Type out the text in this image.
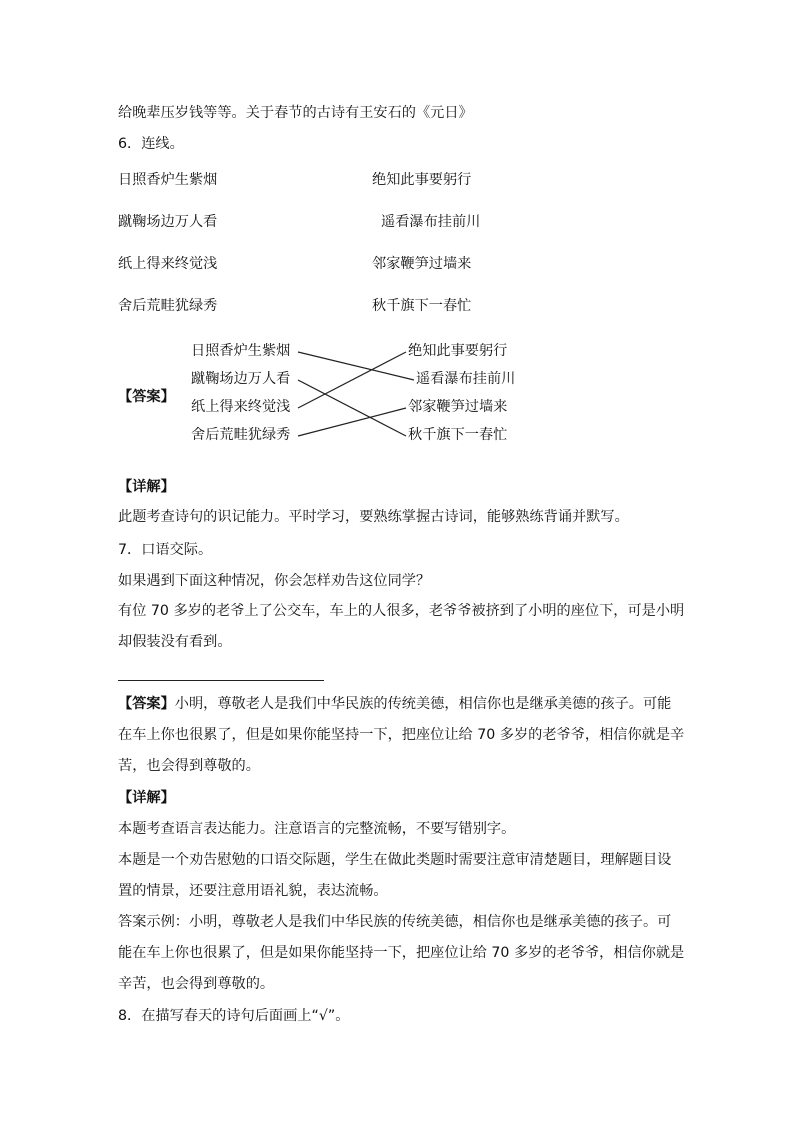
给晚辈压岁钱等等。关于春节的古诗有王安石的《元日》
6．连线。
日照香炉生紫烟	绝知此事要躬行
蹴鞠场边万人看	遥看瀑布挂前川
纸上得来终觉浅	邻家鞭笋过墙来
舍后荒畦犹绿秀	秋千旗下一春忙
【答案】
日照香炉生紫烟
蹴鞠场边万人看
纸上得来终觉浅
舍后荒畦犹绿秀
绝知此事要躬行
遥看瀑布挂前川
邻家鞭笋过墙来
秋千旗下一春忙
【详解】
此题考查诗句的识记能力。平时学习，要熟练掌握古诗词，能够熟练背诵并默写。
7．口语交际。
如果遇到下面这种情况，你会怎样劝告这位同学？
有位 70 多岁的老爷上了公交车，车上的人很多，老爷爷被挤到了小明的座位下，可是小明
却假装没有看到。
【答案】小明，尊敬老人是我们中华民族的传统美德，相信你也是继承美德的孩子。可能
在车上你也很累了，但是如果你能坚持一下，把座位让给 70 多岁的老爷爷，相信你就是辛
苦，也会得到尊敬的。
【详解】
本题考查语言表达能力。注意语言的完整流畅，不要写错别字。
本题是一个劝告慰勉的口语交际题，学生在做此类题时需要注意审清楚题目，理解题目设
置的情景，还要注意用语礼貌，表达流畅。
答案示例：小明，尊敬老人是我们中华民族的传统美德，相信你也是继承美德的孩子。可
能在车上你也很累了，但是如果你能坚持一下，把座位让给 70 多岁的老爷爷，相信你就是
辛苦，也会得到尊敬的。
8．在描写春天的诗句后面画上“√”。
